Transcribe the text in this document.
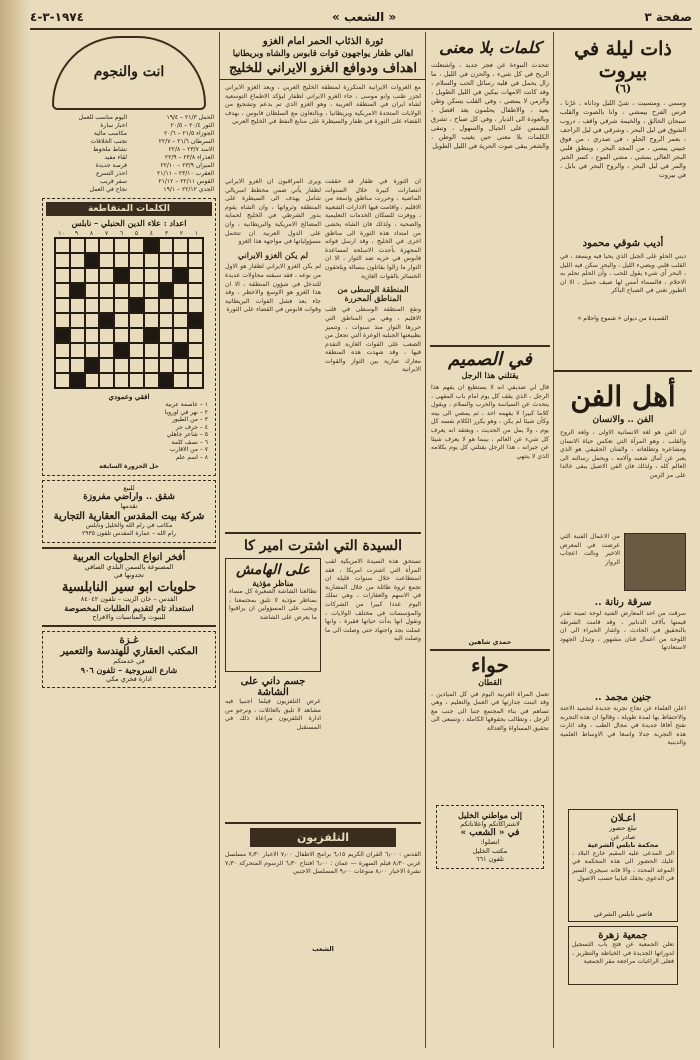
صفحة ٣
« الشعب »
١٩٧٤-٣-٤
ذات ليلة في بيروت
(٦)
وسمي ، ومنسيت ، شيّ الليل وداناه ، غرّنا ، فرس الفرح بيمشي ، وانا بالصوت والقلب سبحان الخالق ، والخيمة شرقي واقف ، دروب الشوق في ليل البحر ، وشرقي في ليل الزاحف ، بعمر الروح الحلو ، في صدري ، من فوق جبيني يبسي ، من المجد البحر ، وينطق قلبي البحر العالي بمشي ، مشي الموج ، كسر الخبز والمر في ليل البحر ، والروح البحر في بابل ، في بيروت
أديب شوقي محمود
ديني الحلو على الجبل الذي يحيا فيه ويسعد ، في القلب قلبي ويضيء الليل ، والبحر سكن فيه الليل ، البحر أي شيء يقول للحب ، وأن الحلم تحلم به الاحلام ، فالسماء أمس لها صيف جميل ، الا ان الطيور تغني في الصباح الباكر
القصيدة من ديوان « شموع واحلام »
أهل الفن
الفن .. والانسان
ان الفن هو لغة الانسانية الاولى ، ولغة الروح والقلب ، وهو المرآة التي تعكس حياة الانسان ومشاعره وتطلعاته ، والفنان الحقيقي هو الذي يعبر عن آمال شعبه وآلامه ، ويحمل رسالته الى العالم كله ، ولذلك فان الفن الاصيل يبقى خالدا على مر الزمن
من الاعمال الفنية التي عرضت في المعرض الاخير ونالت اعجاب الزوار
سرقة رنانة ..
سرقت من احد المعارض الفنية لوحة ثمينة تقدر قيمتها بآلاف الدنانير ، وقد قامت الشرطة بالتحقيق في الحادث ، واشار الخبراء الى ان اللوحة من اعمال فنان مشهور ، وتبذل الجهود لاستعادتها
جنين مجمد ..
اعلن العلماء عن نجاح تجربة جديدة لتجميد الاجنة والاحتفاظ بها لمدة طويلة ، وقالوا ان هذه التجربة تفتح آفاقا جديدة في مجال الطب ، وقد اثارت هذه التجربة جدلا واسعا في الاوساط العلمية والدينية
اعـلان
تبلغ حضور
صادر عن
محكمة نابلس الشرعية
الى المدعى عليه المقيم خارج البلاد ، عليك الحضور الى هذه المحكمة في الموعد المحدد ، والا فانه سيجري السير في الدعوى بحقك غيابيا حسب الاصول
قاضي نابلس الشرعي
جمعية زهرة
تعلن الجمعية عن فتح باب التسجيل لدوراتها الجديدة في الخياطة والتطريز ، فعلى الراغبات مراجعة مقر الجمعية
كلمات بلا معنى
تتحدث النبوءة عن فجر جديد ، واشتعلت الريح في كل شيء ، والحزن في الليل ، ما زال يحمل في قلبه رسائل الحب والسلام ، وقد كانت الامهات يبكين في الليل الطويل ، والزمن لا يمضي ، وفي القلب يسكن وطن بعيد ، والاطفال يحلمون بغد افضل ، وبالعودة الى الديار ، وفي كل صباح ، تشرق الشمس على الجبال والسهول ، وتبقى الكلمات بلا معنى حين يغيب الوطن ، والشعر يبقى صوت الحرية في الليل الطويل
في الصميم
يقتلني هذا الرجل
قال لي صديقي انه لا يستطيع ان يفهم هذا الرجل ، الذي يقف كل يوم امام باب المقهى ، يتحدث عن السياسة والحرب والسلام ، ويقول كلاما كبيرا لا يفهمه احد ، ثم يمضي الى بيته وكأن شيئا لم يكن ، وهو يكرر الكلام نفسه كل يوم ، ولا يمل من الحديث ، ويعتقد انه يعرف كل شيء عن العالم ، بينما هو لا يعرف شيئا عن جيرانه ، هذا الرجل يقتلني كل يوم بكلامه الذي لا ينتهي
حمدي شاهين
حواء
القطان
تعمل المرأة العربية اليوم في كل الميادين ، وقد اثبتت جدارتها في العمل والتعليم ، وهي تساهم في بناء المجتمع جنبا الى جنب مع الرجل ، وتطالب بحقوقها الكاملة ، وتسعى الى تحقيق المساواة والعدالة
إلى مواطني الخليل
لاشتراكاتكم واعلاناتكم
في « الشعب »
اتصلوا:
مكتب الخليل
تلفون ٦٦١
ثورة الذئاب الحمر امام الغزو
اهالي ظفار يواجهون قوات قابوس والشاه وبريطانيا
اهداف ودوافع الغزو الايراني للخليج
مع الغزوات الايرانية المتكررة لمنطقة الخليج العربي ، وبعد الغزو الايراني لجزر طنب وابو موسى ، جاء الغزو الايراني لظفار ليؤكد الاطماع التوسعية لشاه ايران في المنطقة العربية ، وهو الغزو الذي تم بدعم وتشجيع من الولايات المتحدة الامريكية وبريطانيا ، وبالتعاون مع السلطان قابوس ، بهدف القضاء على الثورة في ظفار والسيطرة على منابع النفط في الخليج العربي
ان الثورة في ظفار قد حققت انتصارات كبيرة خلال السنوات الماضية ، وحررت مناطق واسعة من الاقليم ، واقامت فيها الادارات الشعبية ، ووفرت للسكان الخدمات التعليمية والصحية ، ولذلك فان الشاه يخشى من امتداد هذه الثورة الى مناطق اخرى في الخليج ، وقد ارسل قواته المجهزة بأحدث الاسلحة لمساعدة قابوس في حربه ضد الثوار ، الا ان الثوار ما زالوا يقاتلون ببسالة ويلحقون الخسائر بالقوات الغازية
المنطقة الوسطى من المناطق المحررة
وتقع المنطقة الوسطى في قلب الاقليم ، وهي من المناطق التي حررها الثوار منذ سنوات ، وتتميز بطبيعتها الجبلية الوعرة التي تجعل من الصعب على القوات الغازية التقدم فيها ، وقد شهدت هذه المنطقة معارك ضارية بين الثوار والقوات الايرانية
ويرى المراقبون ان الغزو الايراني لظفار يأتي ضمن مخطط امبريالي شامل يهدف الى السيطرة على المنطقة وثرواتها ، وان الشاه يقوم بدور الشرطي في الخليج لحماية المصالح الامريكية والبريطانية ، وان على الدول العربية ان تتحمل مسؤولياتها في مواجهة هذا الغزو
لم يكن الغزو الايراني
لم يكن الغزو الايراني لظفار هو الاول من نوعه ، فقد سبقته محاولات عديدة للتدخل في شؤون المنطقة ، الا ان هذا الغزو هو الاوسع والاخطر ، وقد جاء بعد فشل القوات البريطانية وقوات قابوس في القضاء على الثورة
السيدة التي اشترت امير كا
تستحق هذه السيدة الامريكية لقب المرأة التي اشترت امريكا ، فقد استطاعت خلال سنوات قليلة ان تجمع ثروة طائلة من خلال المضاربة في الاسهم والعقارات ، وهي تملك اليوم عددا كبيرا من الشركات والمؤسسات في مختلف الولايات ، وتقول انها بدأت حياتها فقيرة ، وانها عملت بجد واجتهاد حتى وصلت الى ما وصلت اليه
على الهامش
مناظر مؤذية
تطالعنا الشاشة الصغيرة كل مساء بمناظر مؤذية لا تليق بمجتمعنا ، ويجب على المسؤولين ان يراقبوا ما يعرض على الشاشة
جسم داني على الشاشة
عرض التلفزيون فيلما اجنبيا فيه مشاهد لا تليق بالعائلات ، ونرجو من ادارة التلفزيون مراعاة ذلك في المستقبل
التلفزيون
القدس : ٦٫٠٠ القرآن الكريم ٦٫١٥ برامج الاطفال ٧٫٠٠ الاخبار ٧٫٣٠ مسلسل عربي ٨٫٣٠ فيلم السهرة — عمان : ٦٫٠٠ افتتاح ٦٫٣٠ الرسوم المتحركة ٧٫٣٠ نشرة الاخبار ٨٫٠٠ منوعات ٩٫٠٠ المسلسل الاجنبي
الشعب
انت والنجوم
الحمل ٢١/٣ – ١٩/٤
اليوم مناسب للعمل
الثور ٢٠/٤ – ٢٠/٥
اخبار سارة
الجوزاء ٢١/٥ – ٢٠/٦
مكاسب مالية
السرطان ٢١/٦ – ٢٢/٧
تجنب الخلافات
الاسد ٢٣/٧ – ٢٢/٨
نشاط ملحوظ
العذراء ٢٣/٨ – ٢٢/٩
لقاء مفيد
الميزان ٢٣/٩ – ٢٢/١٠
فرصة جديدة
العقرب ٢٣/١٠ – ٢١/١١
احذر التسرع
القوس ٢٢/١١ – ٢١/١٢
سفر قريب
الجدي ٢٢/١٢ – ١٩/١
نجاح في العمل
الكلمات المتقاطعة
اعداد : علاء الدين الحنبلي – نابلس
١
٢
٣
٤
٥
٦
٧
٨
٩
١٠
افقي وعمودي
١ – عاصمة عربية
٢ – نهر في اوروبا
٣ – من الطيور
٤ – حرف جر
٥ – شاعر جاهلي
٦ – نصف كلمة
٧ – من الاقارب
٨ – اسم علم
حل الحزورة السابقة
للبيع
شقق .. واراضي مفروزة
تقدمها
شركة بيت المقدس العقارية التجارية
مكاتب في رام الله والخليل ونابلس
رام الله – عمارة المقدس تلفون ٢٩٣٥
أفخر انواع الحلويات العربية
المصنوعة بالسمن البلدي الصافي
تجدونها في
حلويات ابو سير النابلسية
القدس – خان الزيت – تلفون ٨٤٠٤٢
استعداد تام لتقديم الطلبات المخصوصة
للبيوت والمناسبات والافراح
غـزة
المكتب العقاري للهندسة والتعمير
في خدمتكم
شارع السروجية – تلفون ٩٠٦
ادارة فخري مكي
